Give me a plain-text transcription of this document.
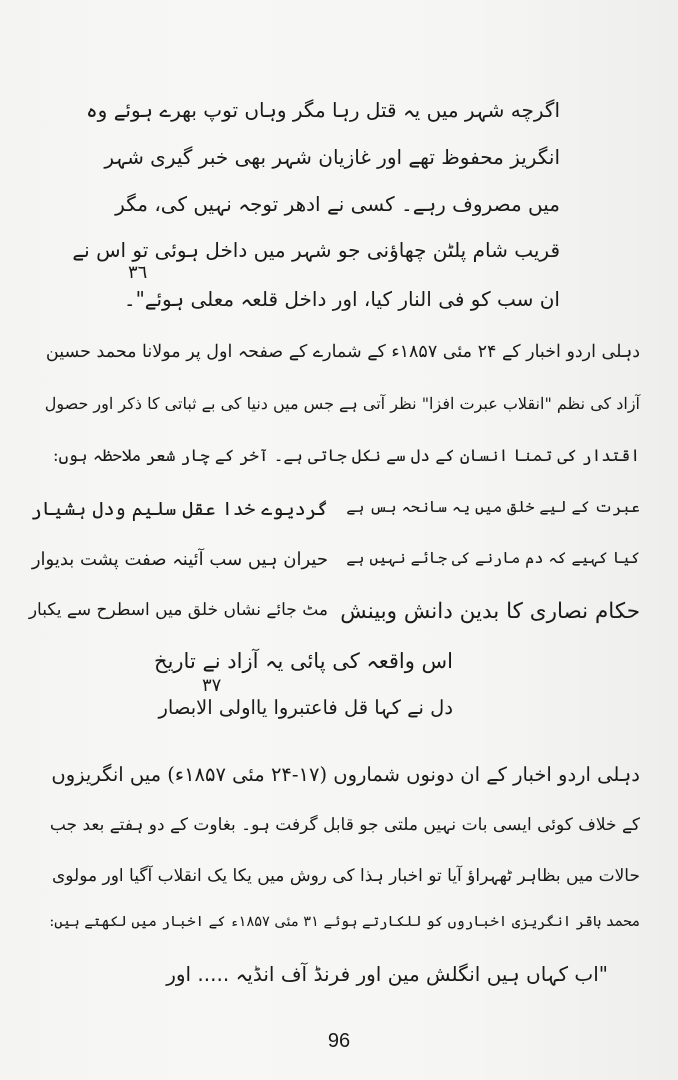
اگرچه شہر میں یہ قتل رہا مگر وہاں توپ بھرے ہوئے وہ
انگریز محفوظ تھے اور غازیان شہر بھی خبر گیری شہر
میں مصروف رہے۔ کسی نے ادھر توجہ نہیں کی، مگر
قریب شام پلٹن چھاؤنی جو شہر میں داخل ہوئی تو اس نے
٣٦
ان سب کو فی النار کیا، اور داخل قلعہ معلی ہوئے"۔
دہلی اردو اخبار کے ۲۴ مئی ۱۸۵۷ء کے شمارے کے صفحہ اول پر مولانا محمد حسین
آزاد کی نظم "انقلاب عبرت افزا" نظر آتی ہے جس میں دنیا کی بے ثباتی کا ذکر اور حصول
اقتدار کی تمنا انسان کے دل سے نکل جاتی ہے۔ آخر کے چار شعر ملاحظہ ہوں:
عبرت کے لیے خلق میں یہ سانحہ بس ہے
گردیوے خدا عقل سلیم ودل ہشیار
کیا کہیے کہ دم مارنے کی جائے نہیں ہے
حیران ہیں سب آئینہ صفت پشت بدیوار
حکام نصاری کا بدین دانش وبینش
مٹ جائے نشاں خلق میں اسطرح سے یکبار
اس واقعہ کی پائی یہ آزاد نے تاریخ
۳۷
دل نے کہا قل فاعتبروا یااولی الابصار
دہلی اردو اخبار کے ان دونوں شماروں (۱۷-۲۴ مئی ۱۸۵۷ء) میں انگریزوں
کے خلاف کوئی ایسی بات نہیں ملتی جو قابل گرفت ہو۔ بغاوت کے دو ہفتے بعد جب
حالات میں بظاہر ٹھہراؤ آیا تو اخبار ہذا کی روش میں یکا یک انقلاب آگیا اور مولوی
محمد باقر انگریزی اخباروں کو للکارتے ہوئے ۳۱ مئی ۱۸۵۷ء کے اخبار میں لکھتے ہیں:
"اب کہاں ہیں انگلش مین اور فرنڈ آف انڈیہ ..... اور
96
